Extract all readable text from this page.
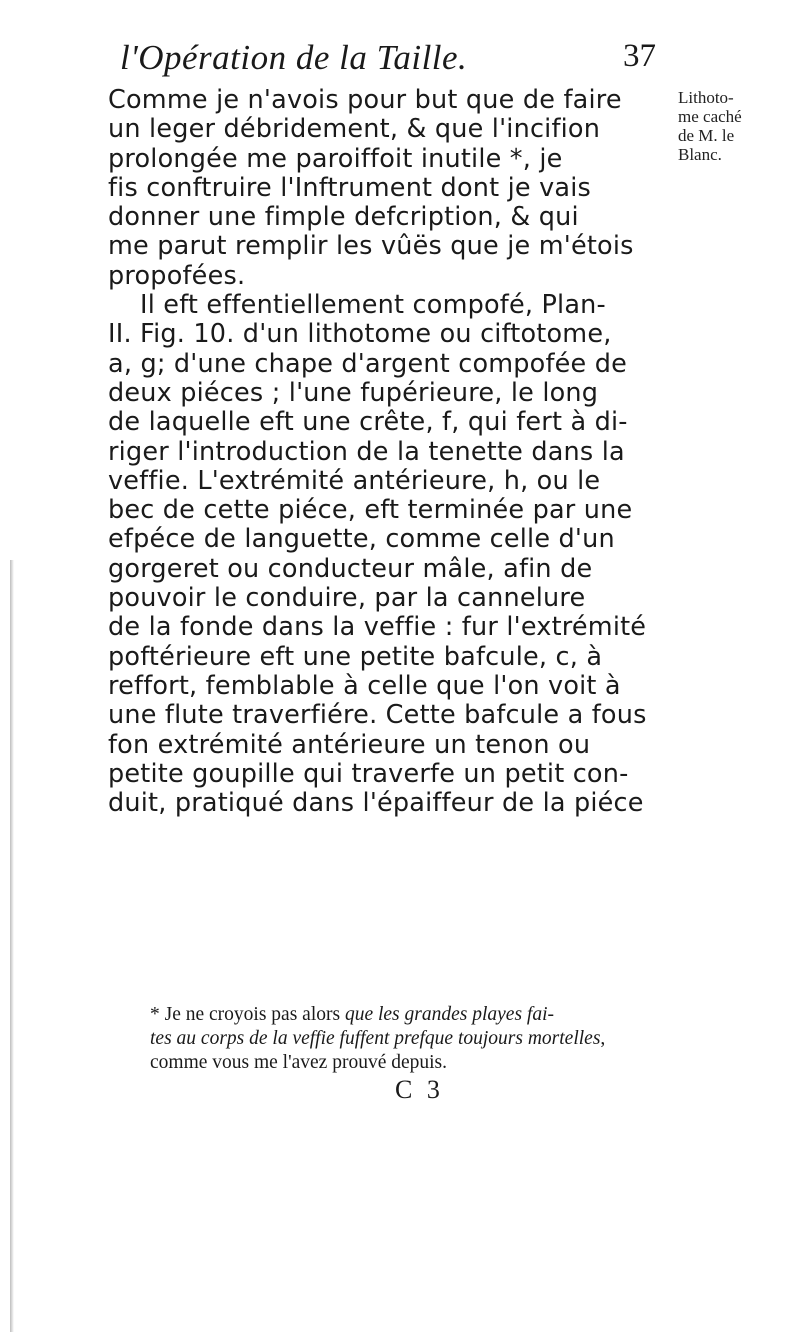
l'Opération de la Taille.	37
Lithoto-
me caché
de M. le
Blanc.
Comme je n'avois pour but que de faire
un leger débridement, & que l'incifion
prolongée me paroiffoit inutile *, je
fis conftruire l'Inftrument dont je vais
donner une fimple defcription, & qui
me parut remplir les vûës que je m'étois
propofées.
Il eft effentiellement compofé, Plan-
II. Fig. 10. d'un lithotome ou ciftotome,
a, g; d'une chape d'argent compofée de
deux piéces ; l'une fupérieure, le long
de laquelle eft une crête, f, qui fert à di-
riger l'introduction de la tenette dans la
veffie. L'extrémité antérieure, h, ou le
bec de cette piéce, eft terminée par une
efpéce de languette, comme celle d'un
gorgeret ou conducteur mâle, afin de
pouvoir le conduire, par la cannelure
de la fonde dans la veffie : fur l'extrémité
poftérieure eft une petite bafcule, c, à
reffort, femblable à celle que l'on voit à
une flute traverfiére. Cette bafcule a fous
fon extrémité antérieure un tenon ou
petite goupille qui traverfe un petit con-
duit, pratiqué dans l'épaiffeur de la piéce
* Je ne croyois pas alors que les grandes playes fai-
tes au corps de la veffie fuffent prefque toujours mortelles,
comme vous me l'avez prouvé depuis.
C 3
